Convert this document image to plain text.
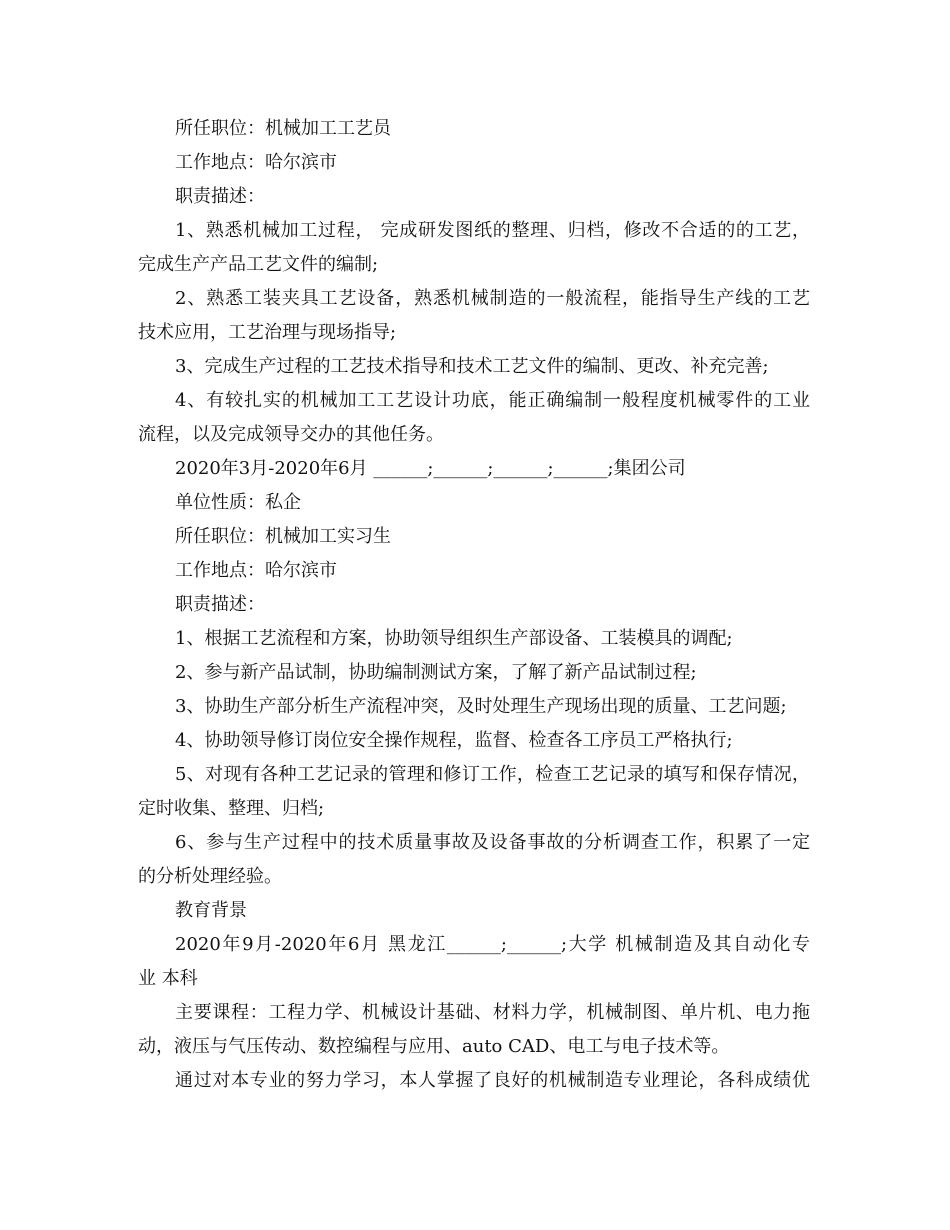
所任职位：机械加工工艺员
工作地点：哈尔滨市
职责描述：
1、熟悉机械加工过程， 完成研发图纸的整理、归档，修改不合适的的工艺，
完成生产产品工艺文件的编制;
2、熟悉工装夹具工艺设备，熟悉机械制造的一般流程，能指导生产线的工艺
技术应用，工艺治理与现场指导;
3、完成生产过程的工艺技术指导和技术工艺文件的编制、更改、补充完善;
4、有较扎实的机械加工工艺设计功底，能正确编制一般程度机械零件的工业
流程，以及完成领导交办的其他任务。
2020年3月-2020年6月 ______;______;______;______;集团公司
单位性质：私企
所任职位：机械加工实习生
工作地点：哈尔滨市
职责描述：
1、根据工艺流程和方案，协助领导组织生产部设备、工装模具的调配;
2、参与新产品试制，协助编制测试方案，了解了新产品试制过程;
3、协助生产部分析生产流程冲突，及时处理生产现场出现的质量、工艺问题;
4、协助领导修订岗位安全操作规程，监督、检查各工序员工严格执行;
5、对现有各种工艺记录的管理和修订工作，检查工艺记录的填写和保存情况，
定时收集、整理、归档;
6、参与生产过程中的技术质量事故及设备事故的分析调查工作，积累了一定
的分析处理经验。
教育背景
2020年9月-2020年6月 黑龙江______;______;大学 机械制造及其自动化专
业 本科
主要课程：工程力学、机械设计基础、材料力学，机械制图、单片机、电力拖
动，液压与气压传动、数控编程与应用、auto CAD、电工与电子技术等。
通过对本专业的努力学习，本人掌握了良好的机械制造专业理论，各科成绩优
